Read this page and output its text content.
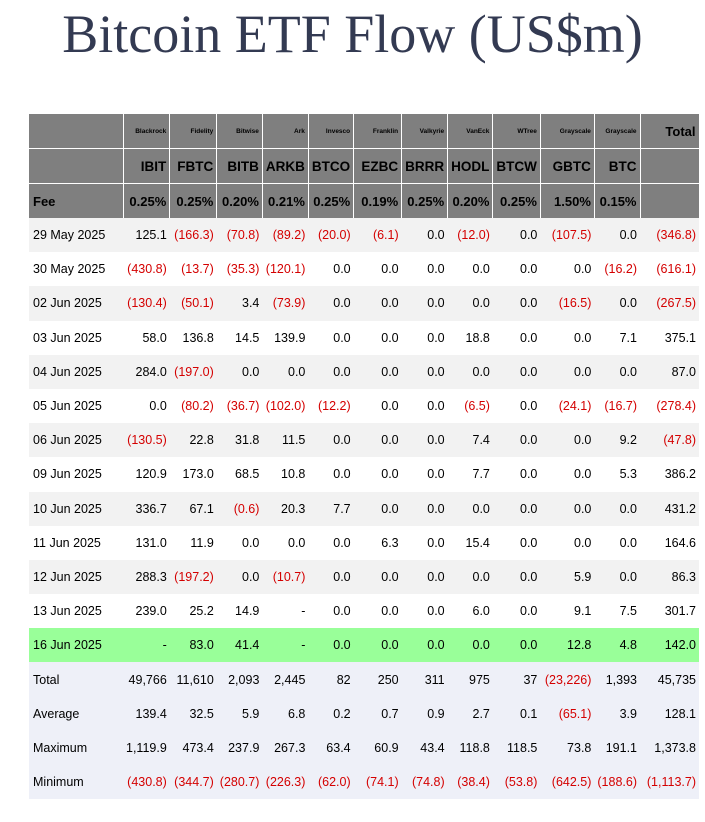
Bitcoin ETF Flow (US$m)
	Blackrock	Fidelity	Bitwise	Ark	Invesco	Franklin	Valkyrie	VanEck	WTree	Grayscale	Grayscale	Total
	IBIT	FBTC	BITB	ARKB	BTCO	EZBC	BRRR	HODL	BTCW	GBTC	BTC	
Fee	0.25%	0.25%	0.20%	0.21%	0.25%	0.19%	0.25%	0.20%	0.25%	1.50%	0.15%	
29 May 2025	125.1	(166.3)	(70.8)	(89.2)	(20.0)	(6.1)	0.0	(12.0)	0.0	(107.5)	0.0	(346.8)
30 May 2025	(430.8)	(13.7)	(35.3)	(120.1)	0.0	0.0	0.0	0.0	0.0	0.0	(16.2)	(616.1)
02 Jun 2025	(130.4)	(50.1)	3.4	(73.9)	0.0	0.0	0.0	0.0	0.0	(16.5)	0.0	(267.5)
03 Jun 2025	58.0	136.8	14.5	139.9	0.0	0.0	0.0	18.8	0.0	0.0	7.1	375.1
04 Jun 2025	284.0	(197.0)	0.0	0.0	0.0	0.0	0.0	0.0	0.0	0.0	0.0	87.0
05 Jun 2025	0.0	(80.2)	(36.7)	(102.0)	(12.2)	0.0	0.0	(6.5)	0.0	(24.1)	(16.7)	(278.4)
06 Jun 2025	(130.5)	22.8	31.8	11.5	0.0	0.0	0.0	7.4	0.0	0.0	9.2	(47.8)
09 Jun 2025	120.9	173.0	68.5	10.8	0.0	0.0	0.0	7.7	0.0	0.0	5.3	386.2
10 Jun 2025	336.7	67.1	(0.6)	20.3	7.7	0.0	0.0	0.0	0.0	0.0	0.0	431.2
11 Jun 2025	131.0	11.9	0.0	0.0	0.0	6.3	0.0	15.4	0.0	0.0	0.0	164.6
12 Jun 2025	288.3	(197.2)	0.0	(10.7)	0.0	0.0	0.0	0.0	0.0	5.9	0.0	86.3
13 Jun 2025	239.0	25.2	14.9	-	0.0	0.0	0.0	6.0	0.0	9.1	7.5	301.7
16 Jun 2025	-	83.0	41.4	-	0.0	0.0	0.0	0.0	0.0	12.8	4.8	142.0
Total	49,766	11,610	2,093	2,445	82	250	311	975	37	(23,226)	1,393	45,735
Average	139.4	32.5	5.9	6.8	0.2	0.7	0.9	2.7	0.1	(65.1)	3.9	128.1
Maximum	1,119.9	473.4	237.9	267.3	63.4	60.9	43.4	118.8	118.5	73.8	191.1	1,373.8
Minimum	(430.8)	(344.7)	(280.7)	(226.3)	(62.0)	(74.1)	(74.8)	(38.4)	(53.8)	(642.5)	(188.6)	(1,113.7)
